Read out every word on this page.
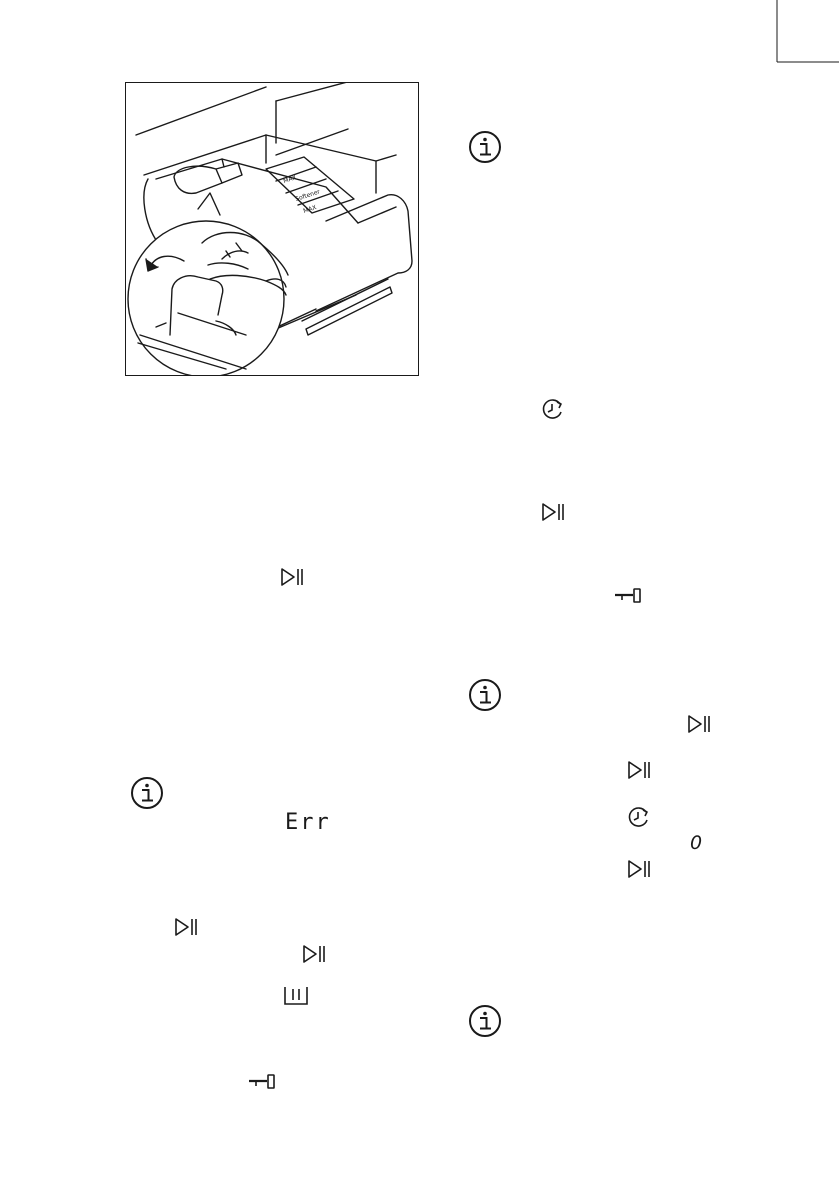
MAX
Softener
MAX
Err
0
